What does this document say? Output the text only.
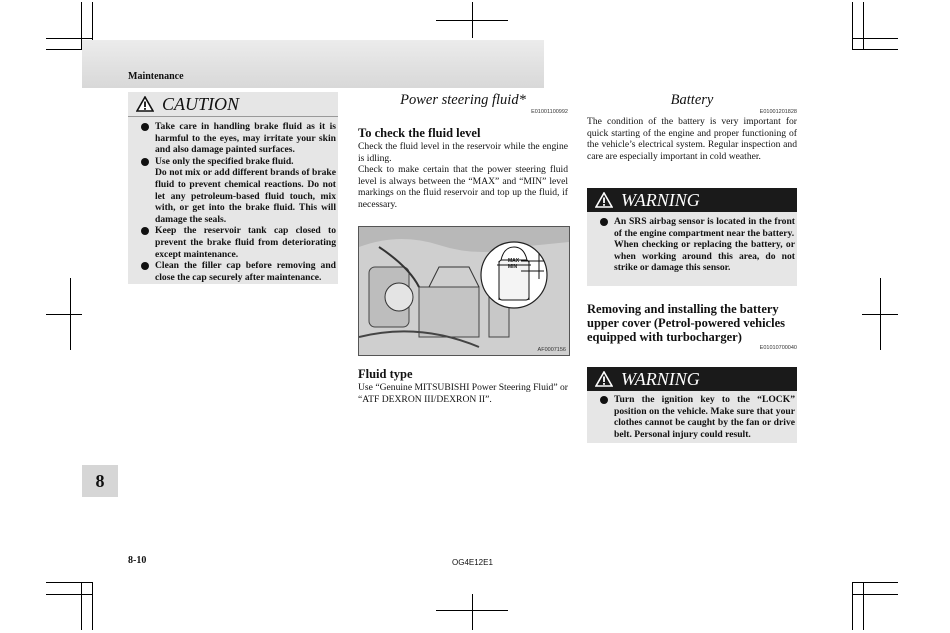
Maintenance
CAUTION
Take care in handling brake fluid as it is harmful to the eyes, may irritate your skin and also damage painted surfaces.
Use only the specified brake fluid.
Do not mix or add different brands of brake fluid to prevent chemical reactions. Do not let any petroleum-based fluid touch, mix with, or get into the brake fluid. This will damage the seals.
Keep the reservoir tank cap closed to prevent the brake fluid from deteriorating except maintenance.
Clean the filler cap before removing and close the cap securely after maintenance.
Power steering fluid*
E01001100992
To check the fluid level
Check the fluid level in the reservoir while the engine is idling.
Check to make certain that the power steering fluid level is always between the “MAX” and “MIN” level markings on the fluid reservoir and top up the fluid, if necessary.
MAX
MIN
AF0007156
Fluid type
Use “Genuine MITSUBISHI Power Steering Fluid” or “ATF DEXRON III/DEXRON II”.
Battery
E01001201828
The condition of the battery is very important for quick starting of the engine and proper functioning of the vehicle’s electrical system. Regular inspection and care are especially important in cold weather.
WARNING
An SRS airbag sensor is located in the front of the engine compartment near the battery.
When checking or replacing the battery, or when working around this area, do not strike or damage this sensor.
Removing and installing the battery upper cover (Petrol-powered vehicles equipped with turbocharger)
E01010700040
WARNING
Turn the ignition key to the “LOCK” position on the vehicle. Make sure that your clothes cannot be caught by the fan or drive belt. Personal injury could result.
8
8-10	OG4E12E1
